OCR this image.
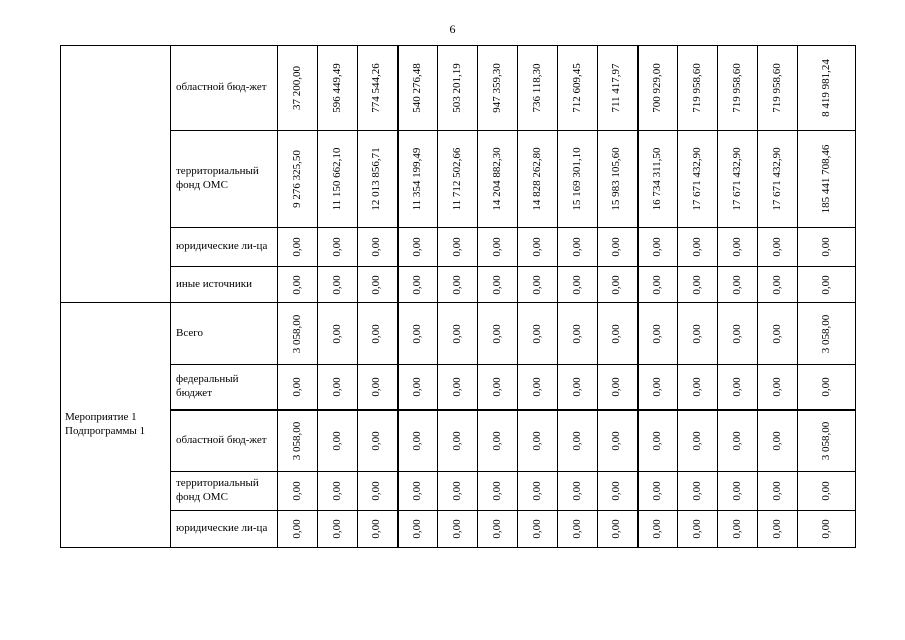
6
	областной бюд-жет	37 200,00	596 449,49	774 544,26	540 276,48	503 201,19	947 359,30	736 118,30	712 609,45	711 417,97	700 929,00	719 958,60	719 958,60	719 958,60	8 419 981,24

	территориальный фонд ОМС	9 276 325,50	11 150 662,10	12 013 856,71	11 354 199,49	11 712 502,66	14 204 882,30	14 828 262,80	15 169 301,10	15 983 105,60	16 734 311,50	17 671 432,90	17 671 432,90	17 671 432,90	185 441 708,46

	юридические ли-ца	0,00	0,00	0,00	0,00	0,00	0,00	0,00	0,00	0,00	0,00	0,00	0,00	0,00	0,00

	иные источники	0,00	0,00	0,00	0,00	0,00	0,00	0,00	0,00	0,00	0,00	0,00	0,00	0,00	0,00

Мероприятие 1 Подпрограммы 1	Всего	3 058,00	0,00	0,00	0,00	0,00	0,00	0,00	0,00	0,00	0,00	0,00	0,00	0,00	3 058,00

	федеральный бюджет	0,00	0,00	0,00	0,00	0,00	0,00	0,00	0,00	0,00	0,00	0,00	0,00	0,00	0,00

	областной бюд-жет	3 058,00	0,00	0,00	0,00	0,00	0,00	0,00	0,00	0,00	0,00	0,00	0,00	0,00	3 058,00

	территориальный фонд ОМС	0,00	0,00	0,00	0,00	0,00	0,00	0,00	0,00	0,00	0,00	0,00	0,00	0,00	0,00

	юридические ли-ца	0,00	0,00	0,00	0,00	0,00	0,00	0,00	0,00	0,00	0,00	0,00	0,00	0,00	0,00
